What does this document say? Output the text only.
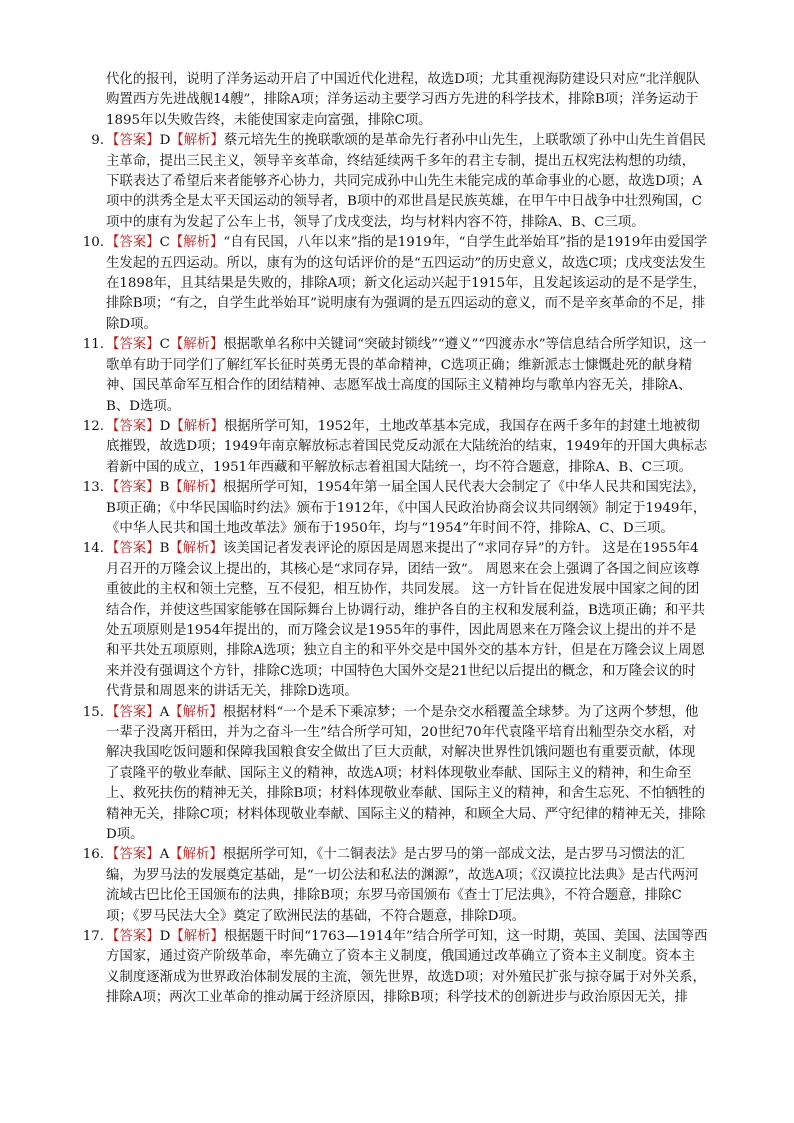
代化的报刊，说明了洋务运动开启了中国近代化进程，故选D项；尤其重视海防建设只对应“北洋舰队购置西方先进战舰14艘”，排除A项；洋务运动主要学习西方先进的科学技术，排除B项；洋务运动于1895年以失败告终，未能使国家走向富强，排除C项。

9. 【答案】D【解析】蔡元培先生的挽联歌颂的是革命先行者孙中山先生，上联歌颂了孙中山先生首倡民主革命，提出三民主义，领导辛亥革命，终结延续两千多年的君主专制，提出五权宪法构想的功绩，下联表达了希望后来者能够齐心协力，共同完成孙中山先生未能完成的革命事业的心愿，故选D项；A项中的洪秀全是太平天国运动的领导者，B项中的邓世昌是民族英雄，在甲午中日战争中壮烈殉国，C项中的康有为发起了公车上书，领导了戊戌变法，均与材料内容不符，排除A、B、C三项。

10. 【答案】C【解析】“自有民国，八年以来”指的是1919年，“自学生此举始耳”指的是1919年由爱国学生发起的五四运动。所以，康有为的这句话评价的是“五四运动”的历史意义，故选C项；戊戌变法发生在1898年，且其结果是失败的，排除A项；新文化运动兴起于1915年，且发起该运动的是不是学生，排除B项；“有之，自学生此举始耳”说明康有为强调的是五四运动的意义，而不是辛亥革命的不足，排除D项。

11. 【答案】C【解析】根据歌单名称中关键词“突破封锁线”“遵义”“四渡赤水”等信息结合所学知识，这一歌单有助于同学们了解红军长征时英勇无畏的革命精神，C选项正确；维新派志士慷慨赴死的献身精神、国民革命军互相合作的团结精神、志愿军战士高度的国际主义精神均与歌单内容无关，排除A、B、D选项。

12. 【答案】D【解析】根据所学可知，1952年，土地改革基本完成，我国存在两千多年的封建土地被彻底摧毁，故选D项；1949年南京解放标志着国民党反动派在大陆统治的结束，1949年的开国大典标志着新中国的成立，1951年西藏和平解放标志着祖国大陆统一，均不符合题意，排除A、B、C三项。

13. 【答案】B【解析】根据所学可知，1954年第一届全国人民代表大会制定了《中华人民共和国宪法》，B项正确；《中华民国临时约法》颁布于1912年，《中国人民政治协商会议共同纲领》制定于1949年，《中华人民共和国土地改革法》颁布于1950年，均与“1954”年时间不符，排除A、C、D三项。

14. 【答案】B【解析】该美国记者发表评论的原因是周恩来提出了“求同存异”的方针。 这是在1955年4月召开的万隆会议上提出的，其核心是“求同存异，团结一致”。 周恩来在会上强调了各国之间应该尊重彼此的主权和领土完整，互不侵犯，相互协作，共同发展。 这一方针旨在促进发展中国家之间的团结合作，并使这些国家能够在国际舞台上协调行动，维护各自的主权和发展利益，B选项正确；和平共处五项原则是1954年提出的，而万隆会议是1955年的事件，因此周恩来在万隆会议上提出的并不是和平共处五项原则，排除A选项；独立自主的和平外交是中国外交的基本方针，但是在万隆会议上周恩来并没有强调这个方针，排除C选项；中国特色大国外交是21世纪以后提出的概念，和万隆会议的时代背景和周恩来的讲话无关，排除D选项。

15. 【答案】A【解析】根据材料“一个是禾下乘凉梦；一个是杂交水稻覆盖全球梦。为了这两个梦想，他一辈子没离开稻田，并为之奋斗一生”结合所学可知，20世纪70年代袁隆平培育出籼型杂交水稻，对解决我国吃饭问题和保障我国粮食安全做出了巨大贡献，对解决世界性饥饿问题也有重要贡献，体现了袁隆平的敬业奉献、国际主义的精神，故选A项；材料体现敬业奉献、国际主义的精神，和生命至上、救死扶伤的精神无关，排除B项；材料体现敬业奉献、国际主义的精神，和舍生忘死、不怕牺牲的精神无关，排除C项；材料体现敬业奉献、国际主义的精神，和顾全大局、严守纪律的精神无关，排除D项。

16. 【答案】A【解析】根据所学可知，《十二铜表法》是古罗马的第一部成文法，是古罗马习惯法的汇编，为罗马法的发展奠定基础，是“一切公法和私法的渊源”，故选A项；《汉谟拉比法典》是古代两河流域古巴比伦王国颁布的法典，排除B项；东罗马帝国颁布《查士丁尼法典》，不符合题意，排除C项；《罗马民法大全》奠定了欧洲民法的基础，不符合题意，排除D项。

17. 【答案】D【解析】根据题干时间“1763—1914年”结合所学可知，这一时期，英国、美国、法国等西方国家，通过资产阶级革命，率先确立了资本主义制度，俄国通过改革确立了资本主义制度。资本主义制度逐渐成为世界政治体制发展的主流，领先世界，故选D项；对外殖民扩张与掠夺属于对外关系，排除A项；两次工业革命的推动属于经济原因，排除B项；科学技术的创新进步与政治原因无关，排
